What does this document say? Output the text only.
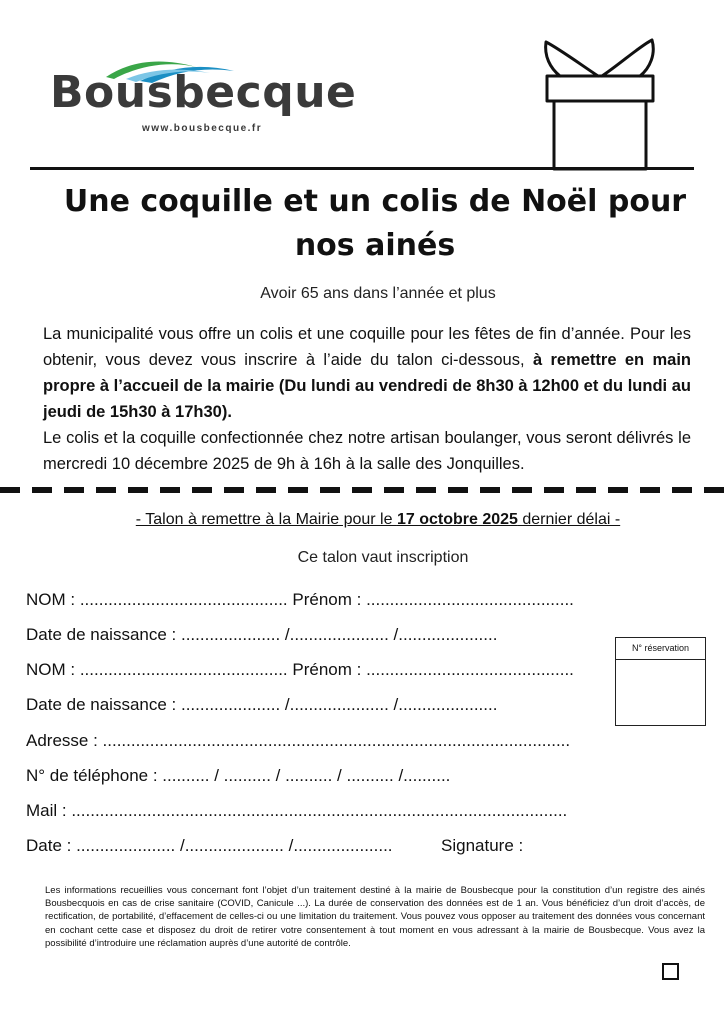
Bousbecque
www.bousbecque.fr
Une coquille et un colis de Noël pour nos ainés
Avoir 65 ans dans l’année et plus

La municipalité vous offre un colis et une coquille pour les fêtes de fin d’année. Pour les obtenir, vous devez vous inscrire à l’aide du talon ci-dessous, à remettre en main propre à l’accueil de la mairie (Du lundi au vendredi de 8h30 à 12h00 et du lundi au jeudi de 15h30 à 17h30).

Le colis et la coquille confectionnée chez notre artisan boulanger, vous seront délivrés le mercredi 10 décembre 2025 de 9h à 16h à la salle des Jonquilles.

- Talon à remettre à la Mairie pour le 17 octobre 2025 dernier délai -
Ce talon vaut inscription
NOM : ............................................ Prénom : ............................................
Date de naissance : ..................... /..................... /.....................
NOM : ............................................ Prénom : ............................................
Date de naissance : ..................... /..................... /.....................
Adresse : ...................................................................................................
N° de téléphone : .......... / .......... / .......... / .......... /..........
Mail : .........................................................................................................
Date : ..................... /..................... /.....................	Signature :
N° réservation
Les informations recueillies vous concernant font l’objet d’un traitement destiné à la mairie de Bousbecque pour la constitution d’un registre des ainés Bousbecquois en cas de crise sanitaire (COVID, Canicule ...). La durée de conservation des données est de 1 an. Vous bénéficiez d’un droit d’accès, de rectification, de portabilité, d’effacement de celles-ci ou une limitation du traitement. Vous pouvez vous opposer au traitement des données vous concernant en cochant cette case et disposez du droit de retirer votre consentement à tout moment en vous adressant à la mairie de Bousbecque. Vous avez la possibilité d’introduire une réclamation auprès d’une autorité de contrôle.
